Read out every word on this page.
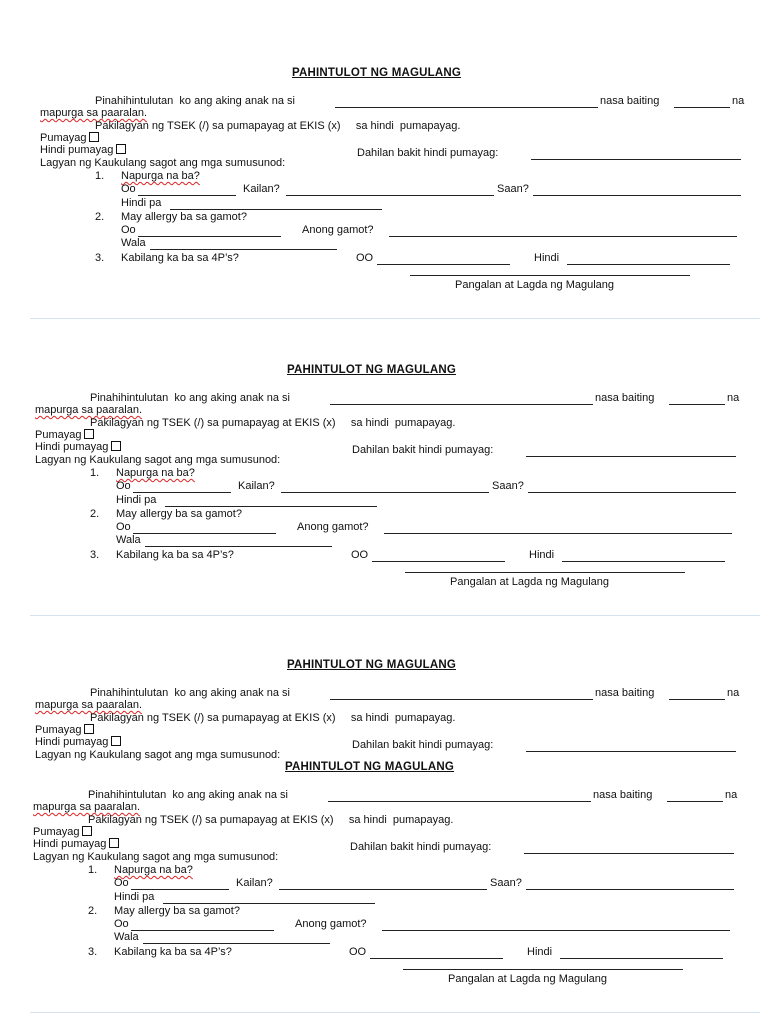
PAHINTULOT NG MAGULANG
Pinahihintulutan  ko ang aking anak na si	nasa baiting	na
mapurga sa paaralan.
Pakilagyan ng TSEK (/) sa pumapayag at EKIS (x)     sa hindi  pumapayag.
Pumayag
Hindi pumayag	Dahilan bakit hindi pumayag:
Lagyan ng Kaukulang sagot ang mga sumusunod:
1. Napurga na ba?
Oo	Kailan?	Saan?
Hindi pa
2. May allergy ba sa gamot?
Oo	Anong gamot?
Wala
3. Kabilang ka ba sa 4P’s?	OO	Hindi
Pangalan at Lagda ng Magulang
PAHINTULOT NG MAGULANG
Pinahihintulutan  ko ang aking anak na si	nasa baiting	na
mapurga sa paaralan.
Pakilagyan ng TSEK (/) sa pumapayag at EKIS (x)     sa hindi  pumapayag.
Pumayag
Hindi pumayag	Dahilan bakit hindi pumayag:
Lagyan ng Kaukulang sagot ang mga sumusunod:
1. Napurga na ba?
Oo	Kailan?	Saan?
Hindi pa
2. May allergy ba sa gamot?
Oo	Anong gamot?
Wala
3. Kabilang ka ba sa 4P’s?	OO	Hindi
Pangalan at Lagda ng Magulang
PAHINTULOT NG MAGULANG
Pinahihintulutan  ko ang aking anak na si	nasa baiting	na
mapurga sa paaralan.
Pakilagyan ng TSEK (/) sa pumapayag at EKIS (x)     sa hindi  pumapayag.
Pumayag
Hindi pumayag	Dahilan bakit hindi pumayag:
Lagyan ng Kaukulang sagot ang mga sumusunod:
PAHINTULOT NG MAGULANG
Pinahihintulutan  ko ang aking anak na si	nasa baiting	na
mapurga sa paaralan.
Pakilagyan ng TSEK (/) sa pumapayag at EKIS (x)     sa hindi  pumapayag.
Pumayag
Hindi pumayag	Dahilan bakit hindi pumayag:
Lagyan ng Kaukulang sagot ang mga sumusunod:
1. Napurga na ba?
Oo	Kailan?	Saan?
Hindi pa
2. May allergy ba sa gamot?
Oo	Anong gamot?
Wala
3. Kabilang ka ba sa 4P’s?	OO	Hindi
Pangalan at Lagda ng Magulang
